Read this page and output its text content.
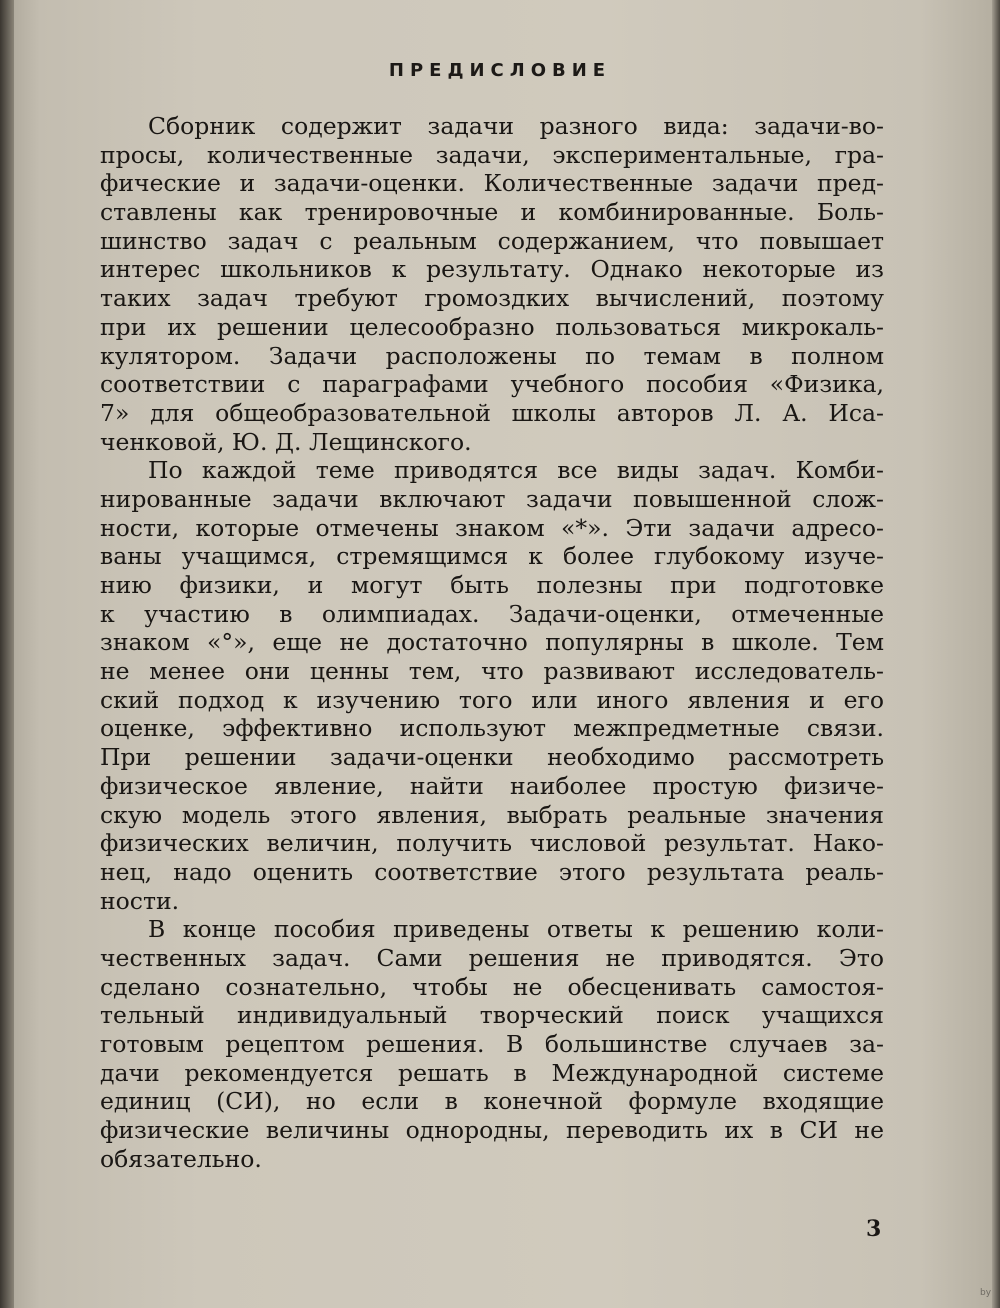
ПРЕДИСЛОВИЕ
Сборник содержит задачи разного вида: задачи-во-
просы, количественные задачи, экспериментальные, гра-
фические и задачи-оценки. Количественные задачи пред-
ставлены как тренировочные и комбинированные. Боль-
шинство задач с реальным содержанием, что повышает
интерес школьников к результату. Однако некоторые из
таких задач требуют громоздких вычислений, поэтому
при их решении целесообразно пользоваться микрокаль-
кулятором. Задачи расположены по темам в полном
соответствии с параграфами учебного пособия «Физика,
7» для общеобразовательной школы авторов Л. А. Иса-
ченковой, Ю. Д. Лещинского.
По каждой теме приводятся все виды задач. Комби-
нированные задачи включают задачи повышенной слож-
ности, которые отмечены знаком «*». Эти задачи адресо-
ваны учащимся, стремящимся к более глубокому изуче-
нию физики, и могут быть полезны при подготовке
к участию в олимпиадах. Задачи-оценки, отмеченные
знаком «°», еще не достаточно популярны в школе. Тем
не менее они ценны тем, что развивают исследователь-
ский подход к изучению того или иного явления и его
оценке, эффективно используют межпредметные связи.
При решении задачи-оценки необходимо рассмотреть
физическое явление, найти наиболее простую физиче-
скую модель этого явления, выбрать реальные значения
физических величин, получить числовой результат. Нако-
нец, надо оценить соответствие этого результата реаль-
ности.
В конце пособия приведены ответы к решению коли-
чественных задач. Сами решения не приводятся. Это
сделано сознательно, чтобы не обесценивать самостоя-
тельный индивидуальный творческий поиск учащихся
готовым рецептом решения. В большинстве случаев за-
дачи рекомендуется решать в Международной системе
единиц (СИ), но если в конечной формуле входящие
физические величины однородны, переводить их в СИ не
обязательно.
3
by
